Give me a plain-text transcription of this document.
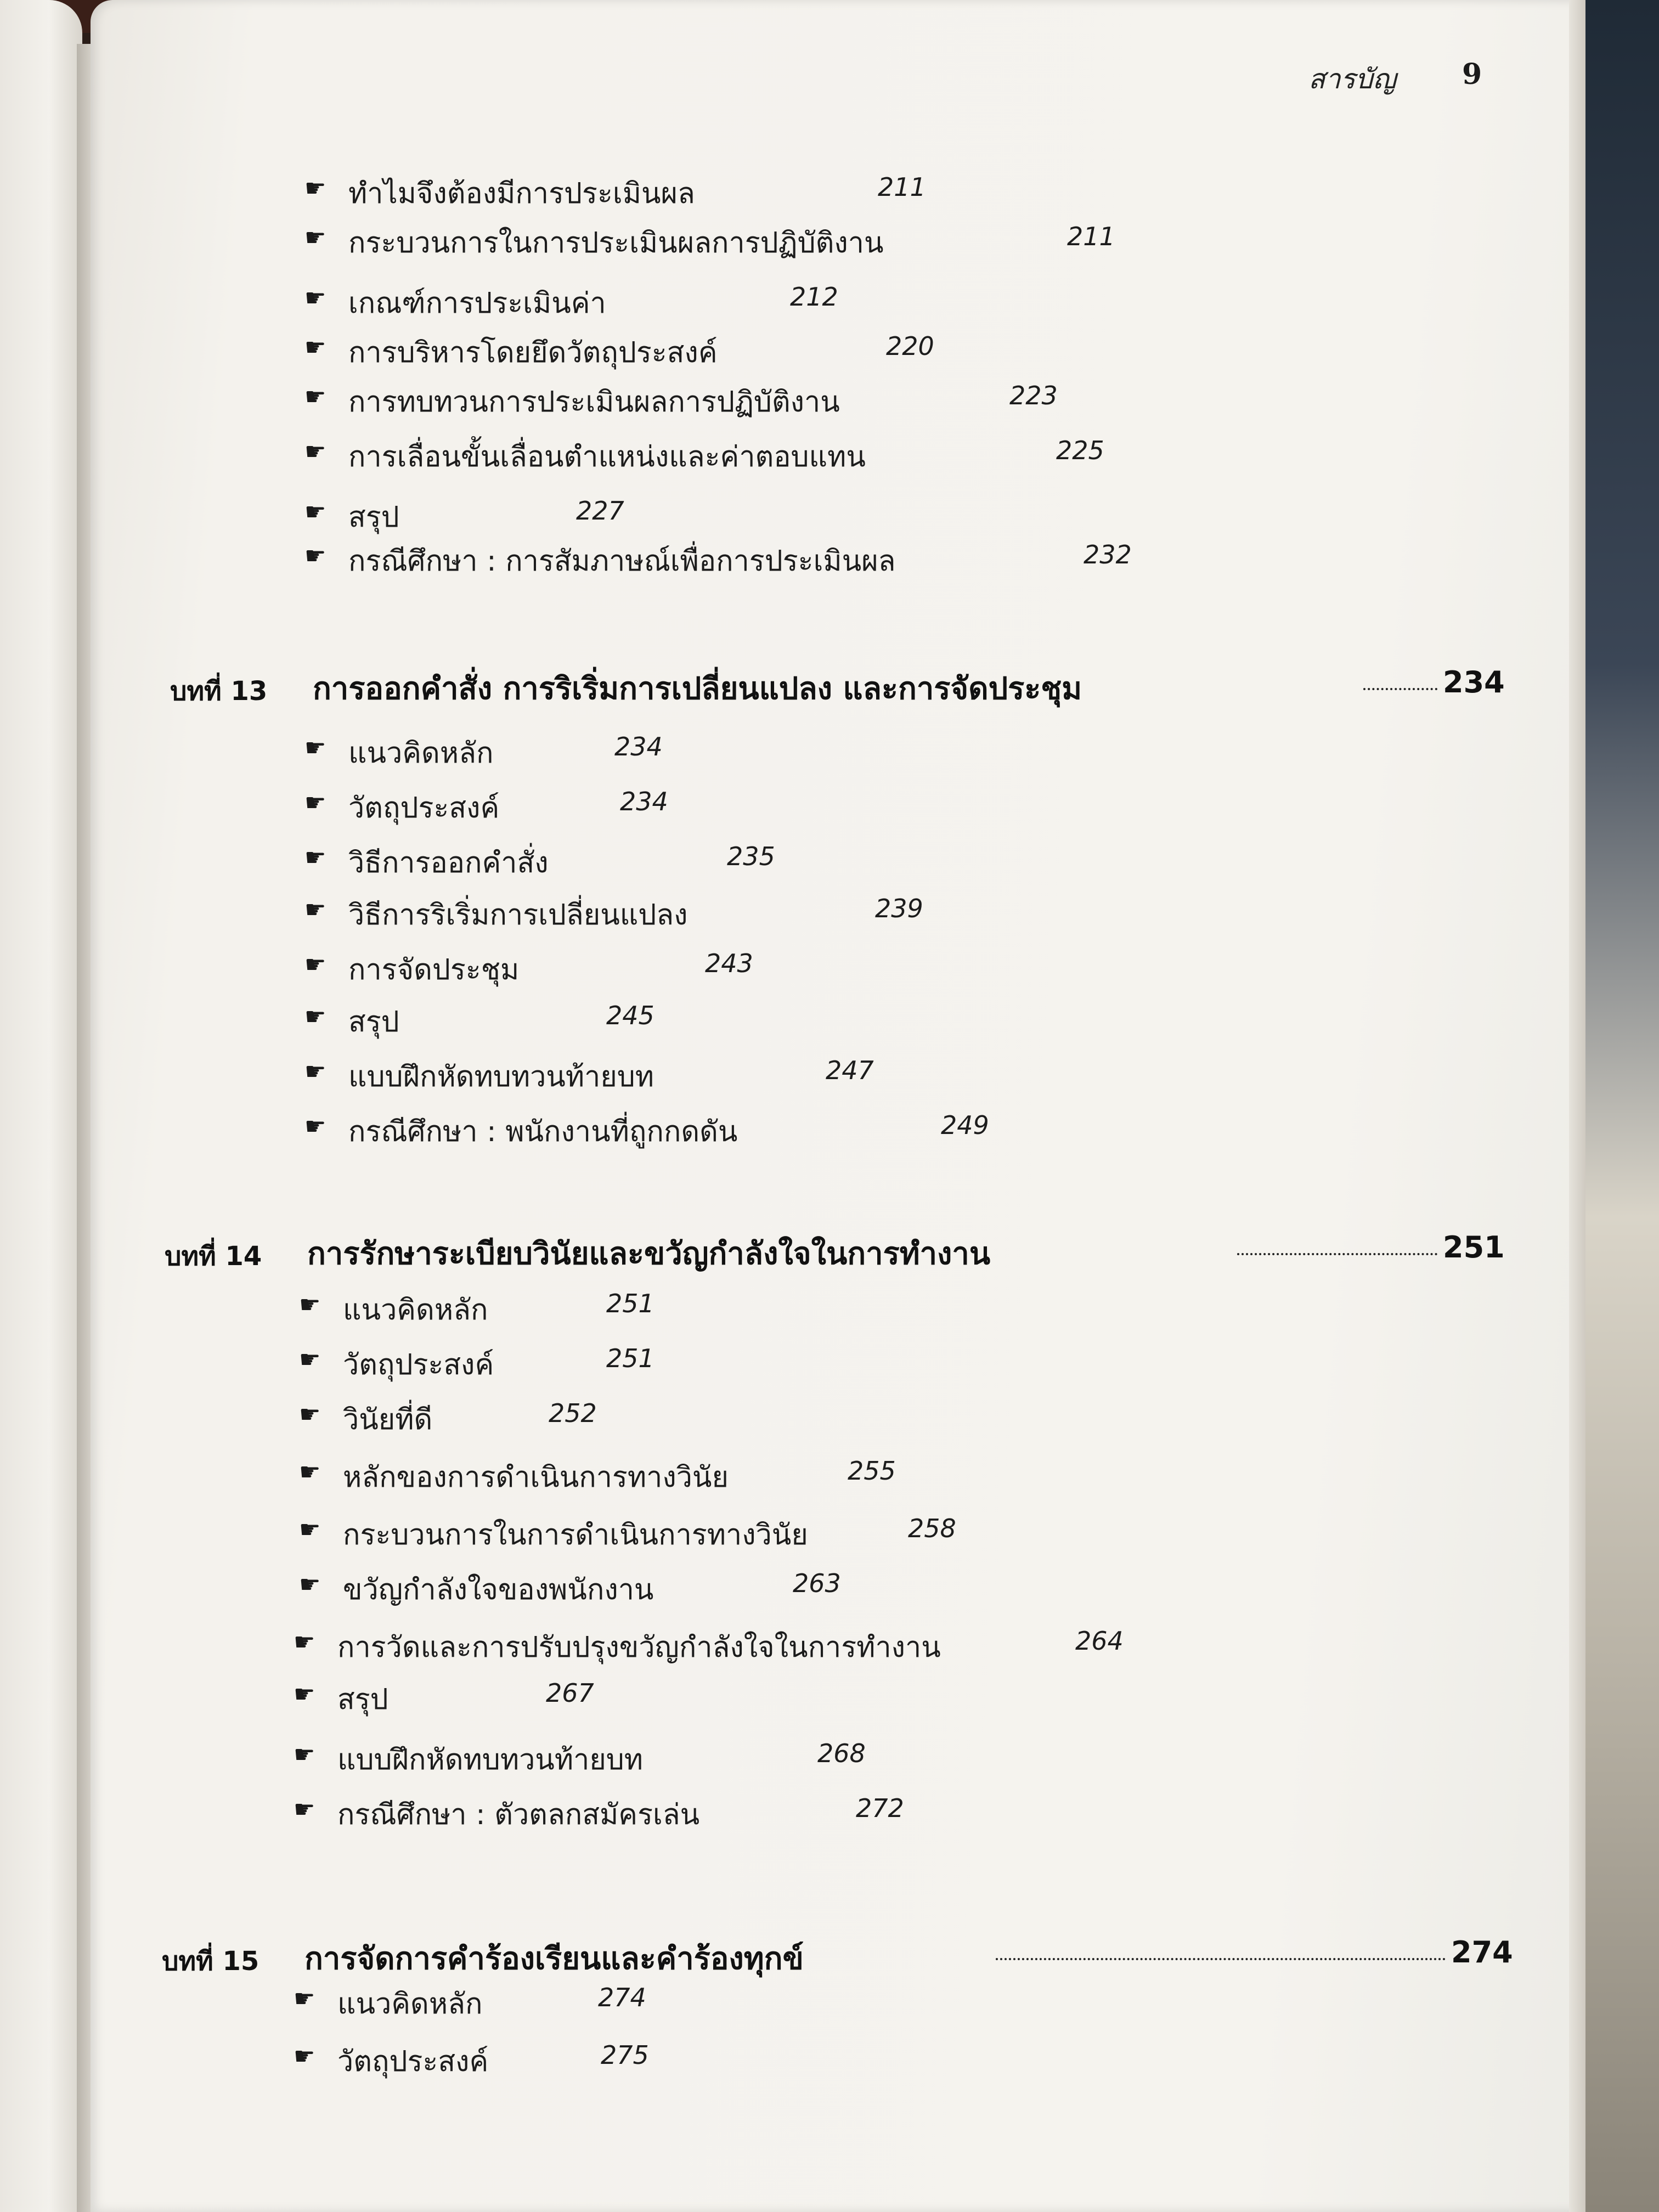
สารบัญ 9
☛ ทำไมจึงต้องมีการประเมินผล	211
☛ กระบวนการในการประเมินผลการปฏิบัติงาน	211
☛ เกณฑ์การประเมินค่า	212
☛ การบริหารโดยยึดวัตถุประสงค์	220
☛ การทบทวนการประเมินผลการปฏิบัติงาน	223
☛ การเลื่อนขั้นเลื่อนตำแหน่งและค่าตอบแทน	225
☛ สรุป	227
☛ กรณีศึกษา : การสัมภาษณ์เพื่อการประเมินผล	232
บทที่ 13 การออกคำสั่ง การริเริ่มการเปลี่ยนแปลง และการจัดประชุม	234
☛ แนวคิดหลัก	234
☛ วัตถุประสงค์	234
☛ วิธีการออกคำสั่ง	235
☛ วิธีการริเริ่มการเปลี่ยนแปลง	239
☛ การจัดประชุม	243
☛ สรุป	245
☛ แบบฝึกหัดทบทวนท้ายบท	247
☛ กรณีศึกษา : พนักงานที่ถูกกดดัน	249
บทที่ 14 การรักษาระเบียบวินัยและขวัญกำลังใจในการทำงาน	251
☛ แนวคิดหลัก	251
☛ วัตถุประสงค์	251
☛ วินัยที่ดี	252
☛ หลักของการดำเนินการทางวินัย	255
☛ กระบวนการในการดำเนินการทางวินัย	258
☛ ขวัญกำลังใจของพนักงาน	263
☛ การวัดและการปรับปรุงขวัญกำลังใจในการทำงาน	264
☛ สรุป	267
☛ แบบฝึกหัดทบทวนท้ายบท	268
☛ กรณีศึกษา : ตัวตลกสมัครเล่น	272
บทที่ 15 การจัดการคำร้องเรียนและคำร้องทุกข์	274
☛ แนวคิดหลัก	274
☛ วัตถุประสงค์	275
